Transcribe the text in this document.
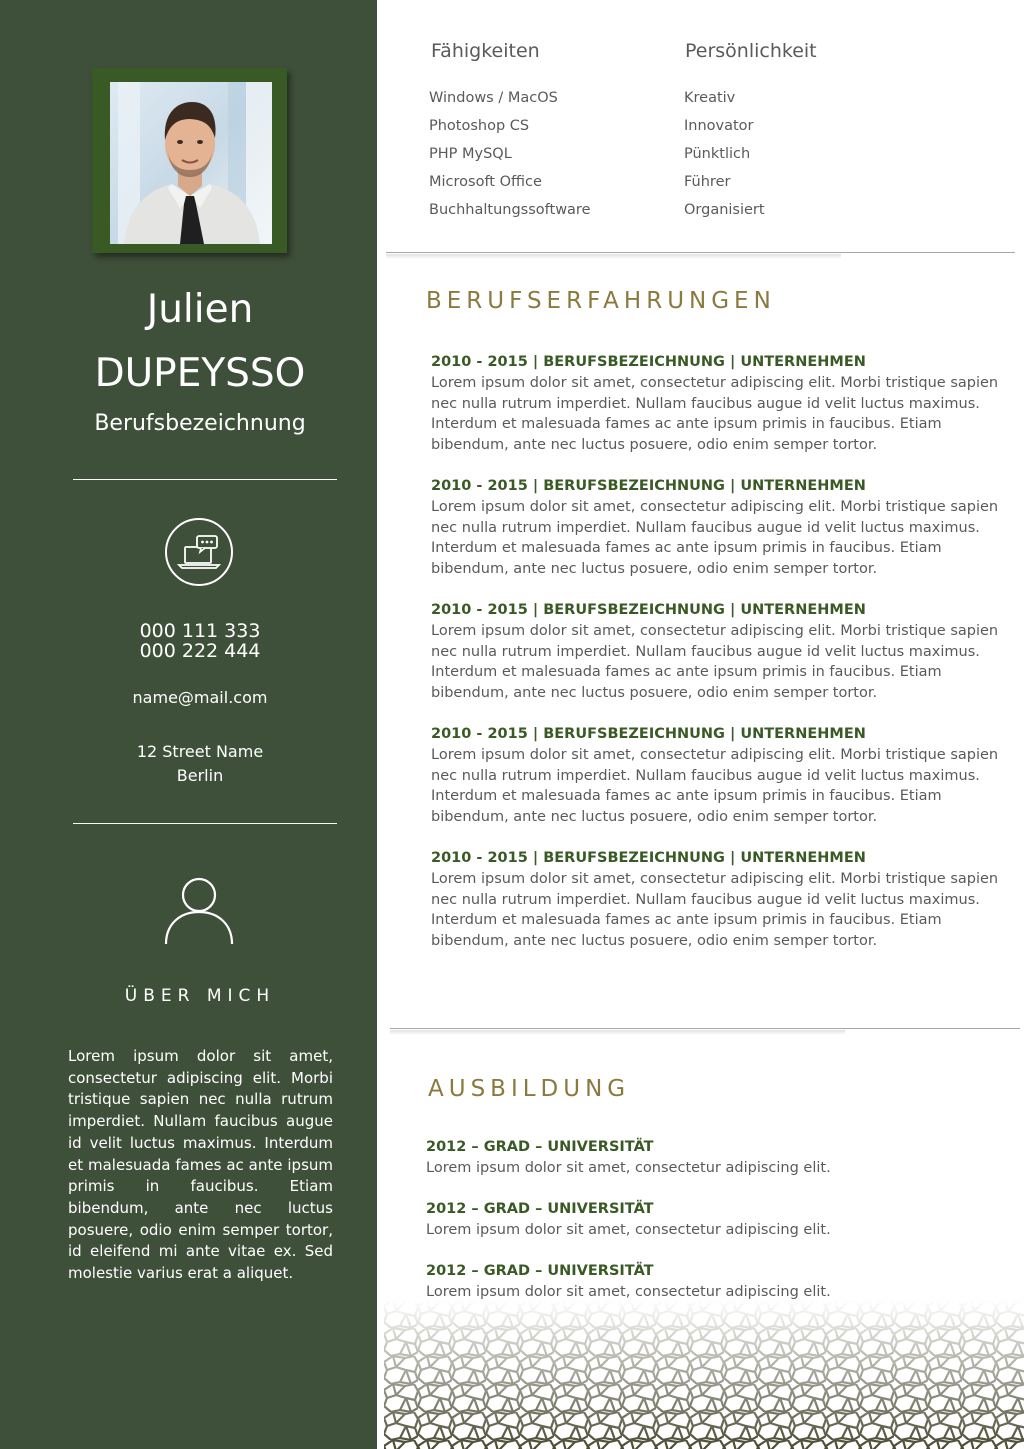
Julien
DUPEYSSO
Berufsbezeichnung
000 111 333
000 222 444
name@mail.com
12 Street Name
Berlin
ÜBER MICH
Lorem ipsum dolor sit amet, consectetur adipiscing elit. Morbi tristique sapien nec nulla rutrum imperdiet. Nullam faucibus augue id velit luctus maximus. Interdum et malesuada fames ac ante ipsum primis in faucibus. Etiam bibendum, ante nec luctus posuere, odio enim semper tortor, id eleifend mi ante vitae ex. Sed molestie varius erat a aliquet.
Fähigkeiten
Windows / MacOS
Photoshop CS
PHP MySQL
Microsoft Office
Buchhaltungssoftware
Persönlichkeit
Kreativ
Innovator
Pünktlich
Führer
Organisiert
BERUFSERFAHRUNGEN
2010 - 2015 | BERUFSBEZEICHNUNG | UNTERNEHMEN
Lorem ipsum dolor sit amet, consectetur adipiscing elit. Morbi tristique sapien nec nulla rutrum imperdiet. Nullam faucibus augue id velit luctus maximus. Interdum et malesuada fames ac ante ipsum primis in faucibus. Etiam bibendum, ante nec luctus posuere, odio enim semper tortor.
2010 - 2015 | BERUFSBEZEICHNUNG | UNTERNEHMEN
Lorem ipsum dolor sit amet, consectetur adipiscing elit. Morbi tristique sapien nec nulla rutrum imperdiet. Nullam faucibus augue id velit luctus maximus. Interdum et malesuada fames ac ante ipsum primis in faucibus. Etiam bibendum, ante nec luctus posuere, odio enim semper tortor.
2010 - 2015 | BERUFSBEZEICHNUNG | UNTERNEHMEN
Lorem ipsum dolor sit amet, consectetur adipiscing elit. Morbi tristique sapien nec nulla rutrum imperdiet. Nullam faucibus augue id velit luctus maximus. Interdum et malesuada fames ac ante ipsum primis in faucibus. Etiam bibendum, ante nec luctus posuere, odio enim semper tortor.
2010 - 2015 | BERUFSBEZEICHNUNG | UNTERNEHMEN
Lorem ipsum dolor sit amet, consectetur adipiscing elit. Morbi tristique sapien nec nulla rutrum imperdiet. Nullam faucibus augue id velit luctus maximus. Interdum et malesuada fames ac ante ipsum primis in faucibus. Etiam bibendum, ante nec luctus posuere, odio enim semper tortor.
2010 - 2015 | BERUFSBEZEICHNUNG | UNTERNEHMEN
Lorem ipsum dolor sit amet, consectetur adipiscing elit. Morbi tristique sapien nec nulla rutrum imperdiet. Nullam faucibus augue id velit luctus maximus. Interdum et malesuada fames ac ante ipsum primis in faucibus. Etiam bibendum, ante nec luctus posuere, odio enim semper tortor.
AUSBILDUNG
2012 – GRAD – UNIVERSITÄT
Lorem ipsum dolor sit amet, consectetur adipiscing elit.
2012 – GRAD – UNIVERSITÄT
Lorem ipsum dolor sit amet, consectetur adipiscing elit.
2012 – GRAD – UNIVERSITÄT
Lorem ipsum dolor sit amet, consectetur adipiscing elit.
